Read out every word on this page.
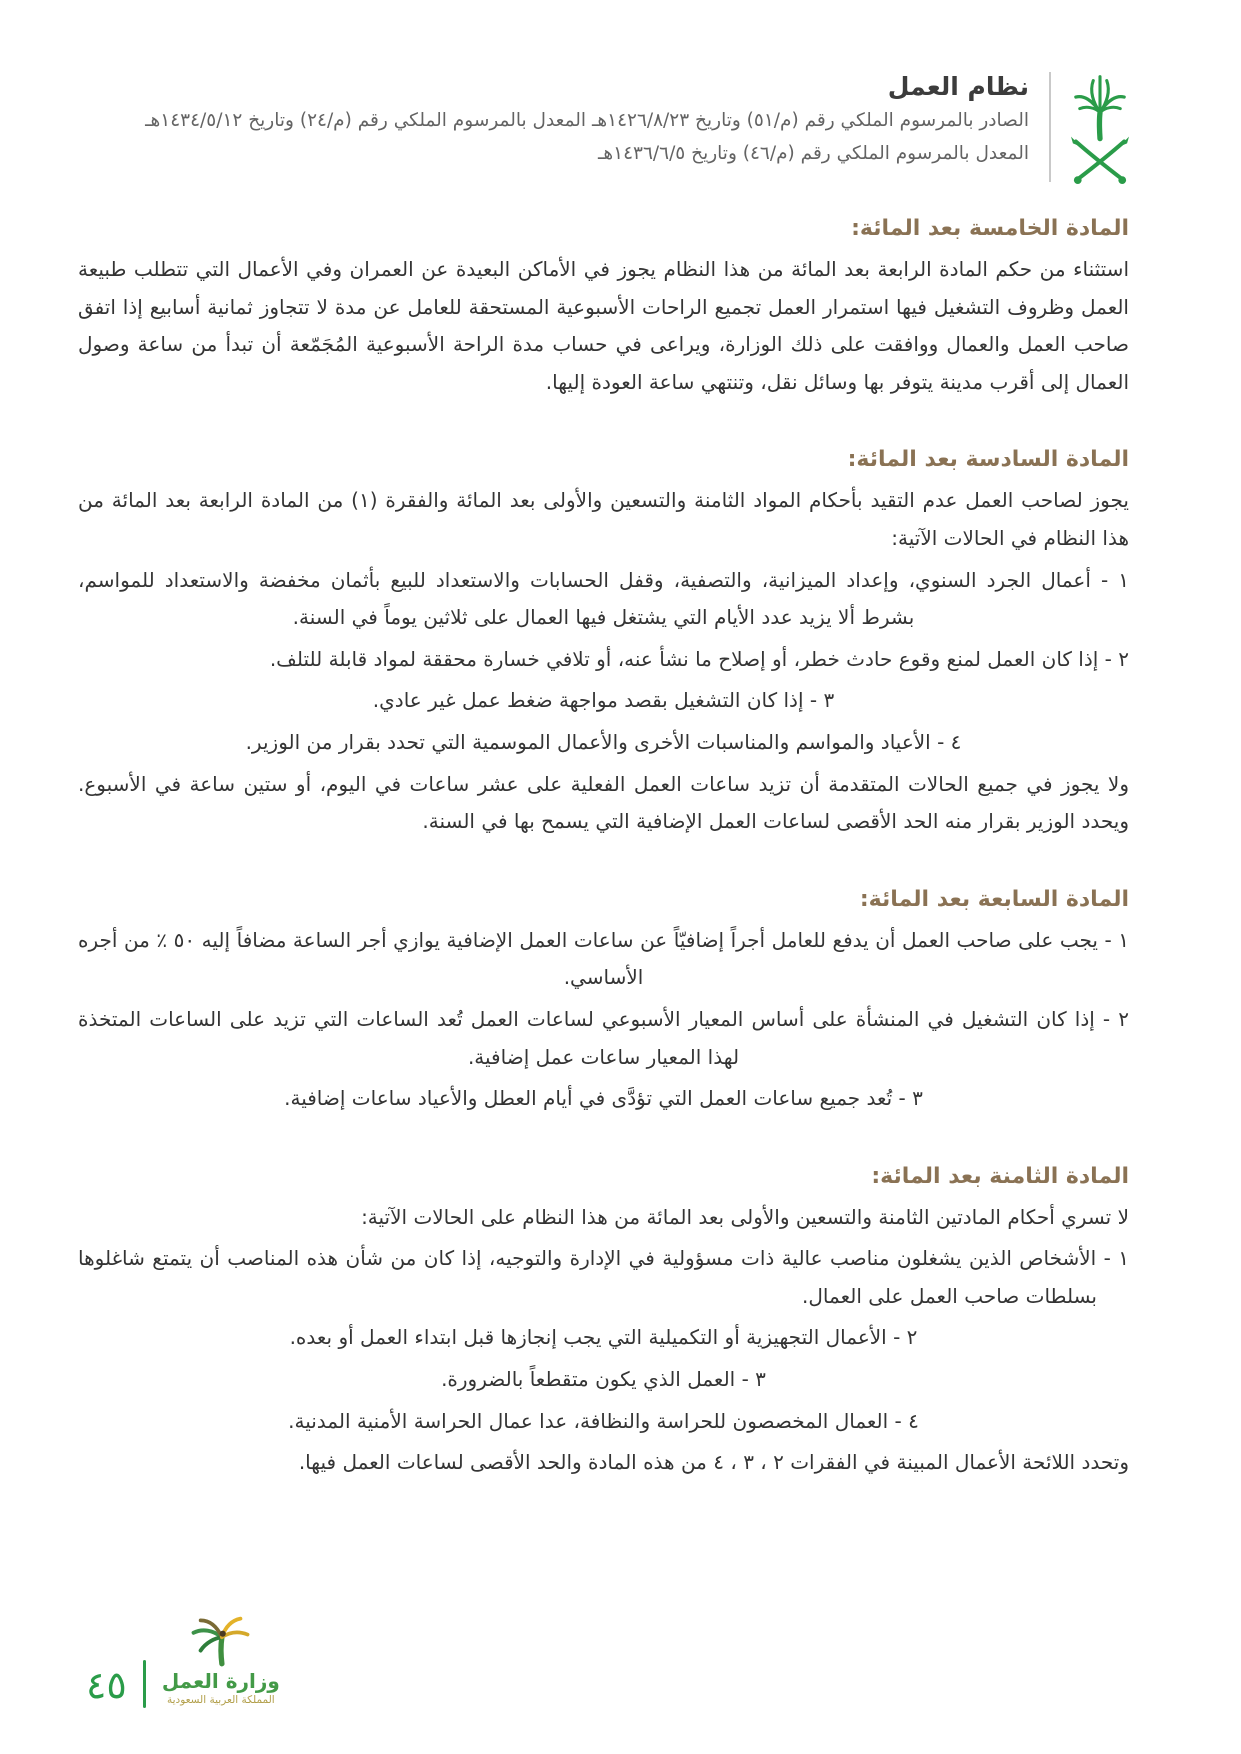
نظام العمل
الصادر بالمرسوم الملكي رقم (م/٥١) وتاريخ ١٤٢٦/٨/٢٣هـ المعدل بالمرسوم الملكي رقم (م/٢٤) وتاريخ ١٤٣٤/٥/١٢هـ
المعدل بالمرسوم الملكي رقم (م/٤٦) وتاريخ ١٤٣٦/٦/٥هـ
المادة الخامسة بعد المائة:

استثناء من حكم المادة الرابعة بعد المائة من هذا النظام يجوز في الأماكن البعيدة عن العمران وفي الأعمال التي تتطلب طبيعة العمل وظروف التشغيل فيها استمرار العمل تجميع الراحات الأسبوعية المستحقة للعامل عن مدة لا تتجاوز ثمانية أسابيع إذا اتفق صاحب العمل والعمال ووافقت على ذلك الوزارة، ويراعى في حساب مدة الراحة الأسبوعية المُجَمّعة أن تبدأ من ساعة وصول العمال إلى أقرب مدينة يتوفر بها وسائل نقل، وتنتهي ساعة العودة إليها.

المادة السادسة بعد المائة:

يجوز لصاحب العمل عدم التقيد بأحكام المواد الثامنة والتسعين والأولى بعد المائة والفقرة (١) من المادة الرابعة بعد المائة من هذا النظام في الحالات الآتية:

١ - أعمال الجرد السنوي، وإعداد الميزانية، والتصفية، وقفل الحسابات والاستعداد للبيع بأثمان مخفضة والاستعداد للمواسم، بشرط ألا يزيد عدد الأيام التي يشتغل فيها العمال على ثلاثين يوماً في السنة.

٢ - إذا كان العمل لمنع وقوع حادث خطر، أو إصلاح ما نشأ عنه، أو تلافي خسارة محققة لمواد قابلة للتلف.

٣ - إذا كان التشغيل بقصد مواجهة ضغط عمل غير عادي.

٤ - الأعياد والمواسم والمناسبات الأخرى والأعمال الموسمية التي تحدد بقرار من الوزير.

ولا يجوز في جميع الحالات المتقدمة أن تزيد ساعات العمل الفعلية على عشر ساعات في اليوم، أو ستين ساعة في الأسبوع. ويحدد الوزير بقرار منه الحد الأقصى لساعات العمل الإضافية التي يسمح بها في السنة.

المادة السابعة بعد المائة:

١ - يجب على صاحب العمل أن يدفع للعامل أجراً إضافيّاً عن ساعات العمل الإضافية يوازي أجر الساعة مضافاً إليه ٥٠ ٪ من أجره الأساسي.

٢ - إذا كان التشغيل في المنشأة على أساس المعيار الأسبوعي لساعات العمل تُعد الساعات التي تزيد على الساعات المتخذة لهذا المعيار ساعات عمل إضافية.

٣ - تُعد جميع ساعات العمل التي تؤدَّى في أيام العطل والأعياد ساعات إضافية.

المادة الثامنة بعد المائة:

لا تسري أحكام المادتين الثامنة والتسعين والأولى بعد المائة من هذا النظام على الحالات الآتية:

١ - الأشخاص الذين يشغلون مناصب عالية ذات مسؤولية في الإدارة والتوجيه، إذا كان من شأن هذه المناصب أن يتمتع شاغلوها بسلطات صاحب العمل على العمال.

٢ - الأعمال التجهيزية أو التكميلية التي يجب إنجازها قبل ابتداء العمل أو بعده.

٣ - العمل الذي يكون متقطعاً بالضرورة.

٤ - العمال المخصصون للحراسة والنظافة، عدا عمال الحراسة الأمنية المدنية.

وتحدد اللائحة الأعمال المبينة في الفقرات ٢ ، ٣ ، ٤ من هذه المادة والحد الأقصى لساعات العمل فيها.

وزارة العمل
المملكة العربية السعودية
٤٥
